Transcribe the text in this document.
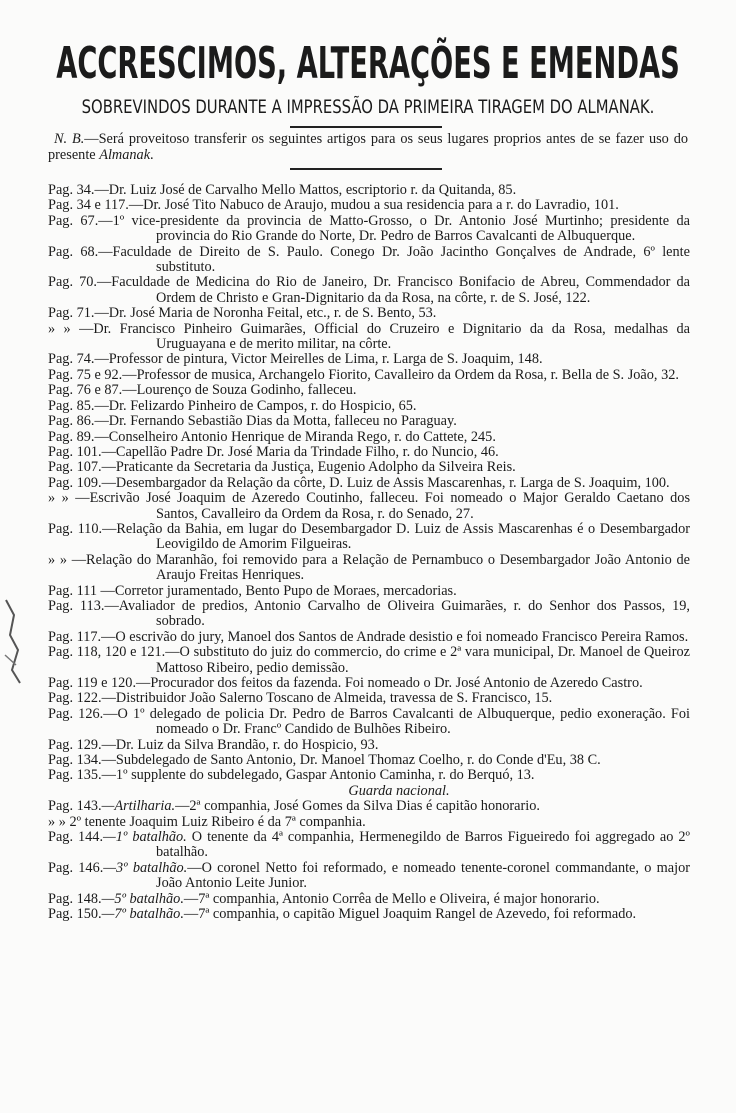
ACCRESCIMOS, ALTERAÇÕES E EMENDAS
SOBREVINDOS DURANTE A IMPRESSÃO DA PRIMEIRA TIRAGEM DO ALMANAK.
N. B.—Será proveitoso transferir os seguintes artigos para os seus lugares proprios antes de se fazer uso do presente Almanak.
Pag. 34.—Dr. Luiz José de Carvalho Mello Mattos, escriptorio r. da Quitanda, 85.
Pag. 34 e 117.—Dr. José Tito Nabuco de Araujo, mudou a sua residencia para a r. do Lavradio, 101.
Pag. 67.—1º vice-presidente da provincia de Matto-Grosso, o Dr. Antonio José Murtinho; presidente da provincia do Rio Grande do Norte, Dr. Pedro de Barros Cavalcanti de Albuquerque.
Pag. 68.—Faculdade de Direito de S. Paulo. Conego Dr. João Jacintho Gonçalves de Andrade, 6º lente substituto.
Pag. 70.—Faculdade de Medicina do Rio de Janeiro, Dr. Francisco Bonifacio de Abreu, Commendador da Ordem de Christo e Gran-Dignitario da da Rosa, na côrte, r. de S. José, 122.
Pag. 71.—Dr. José Maria de Noronha Feital, etc., r. de S. Bento, 53.
» » —Dr. Francisco Pinheiro Guimarães, Official do Cruzeiro e Dignitario da da Rosa, medalhas da Uruguayana e de merito militar, na côrte.
Pag. 74.—Professor de pintura, Victor Meirelles de Lima, r. Larga de S. Joaquim, 148.
Pag. 75 e 92.—Professor de musica, Archangelo Fiorito, Cavalleiro da Ordem da Rosa, r. Bella de S. João, 32.
Pag. 76 e 87.—Lourenço de Souza Godinho, falleceu.
Pag. 85.—Dr. Felizardo Pinheiro de Campos, r. do Hospicio, 65.
Pag. 86.—Dr. Fernando Sebastião Dias da Motta, falleceu no Paraguay.
Pag. 89.—Conselheiro Antonio Henrique de Miranda Rego, r. do Cattete, 245.
Pag. 101.—Capellão Padre Dr. José Maria da Trindade Filho, r. do Nuncio, 46.
Pag. 107.—Praticante da Secretaria da Justiça, Eugenio Adolpho da Silveira Reis.
Pag. 109.—Desembargador da Relação da côrte, D. Luiz de Assis Mascarenhas, r. Larga de S. Joaquim, 100.
» » —Escrivão José Joaquim de Azeredo Coutinho, falleceu. Foi nomeado o Major Geraldo Caetano dos Santos, Cavalleiro da Ordem da Rosa, r. do Senado, 27.
Pag. 110.—Relação da Bahia, em lugar do Desembargador D. Luiz de Assis Mascarenhas é o Desembargador Leovigildo de Amorim Filgueiras.
» » —Relação do Maranhão, foi removido para a Relação de Pernambuco o Desembargador João Antonio de Araujo Freitas Henriques.
Pag. 111 —Corretor juramentado, Bento Pupo de Moraes, mercadorias.
Pag. 113.—Avaliador de predios, Antonio Carvalho de Oliveira Guimarães, r. do Senhor dos Passos, 19, sobrado.
Pag. 117.—O escrivão do jury, Manoel dos Santos de Andrade desistio e foi nomeado Francisco Pereira Ramos.
Pag. 118, 120 e 121.—O substituto do juiz do commercio, do crime e 2ª vara municipal, Dr. Manoel de Queiroz Mattoso Ribeiro, pedio demissão.
Pag. 119 e 120.—Procurador dos feitos da fazenda. Foi nomeado o Dr. José Antonio de Azeredo Castro.
Pag. 122.—Distribuidor João Salerno Toscano de Almeida, travessa de S. Francisco, 15.
Pag. 126.—O 1º delegado de policia Dr. Pedro de Barros Cavalcanti de Albuquerque, pedio exoneração. Foi nomeado o Dr. Francº Candido de Bulhões Ribeiro.
Pag. 129.—Dr. Luiz da Silva Brandão, r. do Hospicio, 93.
Pag. 134.—Subdelegado de Santo Antonio, Dr. Manoel Thomaz Coelho, r. do Conde d'Eu, 38 C.
Pag. 135.—1º supplente do subdelegado, Gaspar Antonio Caminha, r. do Berquó, 13.
Guarda nacional.
Pag. 143.—Artilharia.—2ª companhia, José Gomes da Silva Dias é capitão honorario.
» » 2º tenente Joaquim Luiz Ribeiro é da 7ª companhia.
Pag. 144.—1º batalhão. O tenente da 4ª companhia, Hermenegildo de Barros Figueiredo foi aggregado ao 2º batalhão.
Pag. 146.—3º batalhão.—O coronel Netto foi reformado, e nomeado tenente-coronel commandante, o major João Antonio Leite Junior.
Pag. 148.—5º batalhão.—7ª companhia, Antonio Corrêa de Mello e Oliveira, é major honorario.
Pag. 150.—7º batalhão.—7ª companhia, o capitão Miguel Joaquim Rangel de Azevedo, foi reformado.
